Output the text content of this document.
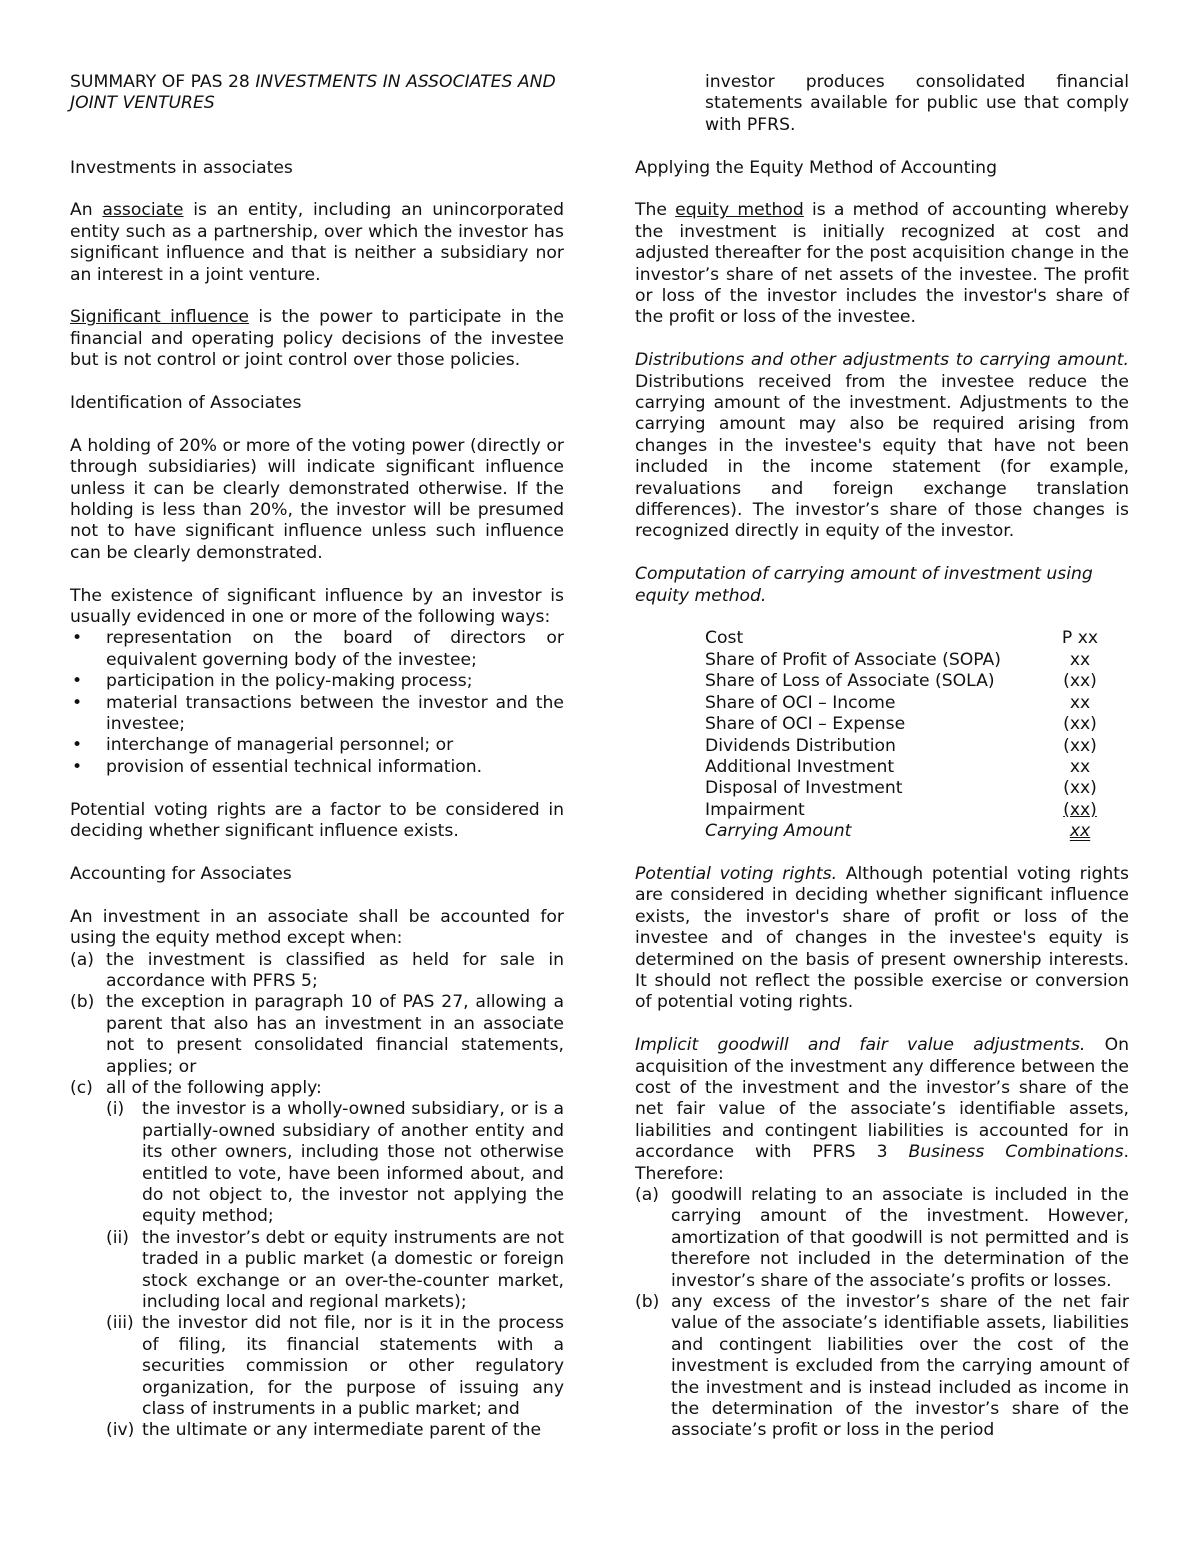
SUMMARY OF PAS 28 INVESTMENTS IN ASSOCIATES AND JOINT VENTURES

Investments in associates

An associate is an entity, including an unincorporated entity such as a partnership, over which the investor has significant influence and that is neither a subsidiary nor an interest in a joint venture.

Significant influence is the power to participate in the financial and operating policy decisions of the investee but is not control or joint control over those policies.

Identification of Associates

A holding of 20% or more of the voting power (directly or through subsidiaries) will indicate significant influence unless it can be clearly demonstrated otherwise. If the holding is less than 20%, the investor will be presumed not to have significant influence unless such influence can be clearly demonstrated.

The existence of significant influence by an investor is usually evidenced in one or more of the following ways:

• representation on the board of directors or equivalent governing body of the investee;
• participation in the policy-making process;
• material transactions between the investor and the investee;
• interchange of managerial personnel; or
• provision of essential technical information.

Potential voting rights are a factor to be considered in deciding whether significant influence exists.

Accounting for Associates

An investment in an associate shall be accounted for using the equity method except when:

(a) the investment is classified as held for sale in accordance with PFRS 5;
(b) the exception in paragraph 10 of PAS 27, allowing a parent that also has an investment in an associate not to present consolidated financial statements, applies; or
(c) all of the following apply:
(i)	the investor is a wholly-owned subsidiary, or is a partially-owned subsidiary of another entity and its other owners, including those not otherwise entitled to vote, have been informed about, and do not object to, the investor not applying the equity method;
(ii) the investor’s debt or equity instruments are not traded in a public market (a domestic or foreign stock exchange or an over-the-counter market, including local and regional markets);
(iii) the investor did not file, nor is it in the process of filing, its financial statements with a securities commission or other regulatory organization, for the purpose of issuing any class of instruments in a public market; and
(iv) the ultimate or any intermediate parent of the

investor produces consolidated financial statements available for public use that comply with PFRS.

Applying the Equity Method of Accounting

The equity method is a method of accounting whereby the investment is initially recognized at cost and adjusted thereafter for the post acquisition change in the investor’s share of net assets of the investee. The profit or loss of the investor includes the investor's share of the profit or loss of the investee.

Distributions and other adjustments to carrying amount. Distributions received from the investee reduce the carrying amount of the investment. Adjustments to the carrying amount may also be required arising from changes in the investee's equity that have not been included in the income statement (for example, revaluations and foreign exchange translation differences). The investor’s share of those changes is recognized directly in equity of the investor.

Computation of carrying amount of investment using equity method.

Cost	P xx
Share of Profit of Associate (SOPA)	xx
Share of Loss of Associate (SOLA)	(xx)
Share of OCI – Income	xx
Share of OCI – Expense	(xx)
Dividends Distribution	(xx)
Additional Investment	xx
Disposal of Investment	(xx)
Impairment	(xx)
Carrying Amount	xx

Potential voting rights. Although potential voting rights are considered in deciding whether significant influence exists, the investor's share of profit or loss of the investee and of changes in the investee's equity is determined on the basis of present ownership interests. It should not reflect the possible exercise or conversion of potential voting rights.

Implicit goodwill and fair value adjustments. On acquisition of the investment any difference between the cost of the investment and the investor’s share of the net fair value of the associate’s identifiable assets, liabilities and contingent liabilities is accounted for in accordance with PFRS 3 Business Combinations. Therefore:

(a) goodwill relating to an associate is included in the carrying amount of the investment. However, amortization of that goodwill is not permitted and is therefore not included in the determination of the investor’s share of the associate’s profits or losses.
(b) any excess of the investor’s share of the net fair value of the associate’s identifiable assets, liabilities and contingent liabilities over the cost of the investment is excluded from the carrying amount of the investment and is instead included as income in the determination of the investor’s share of the associate’s profit or loss in the period
